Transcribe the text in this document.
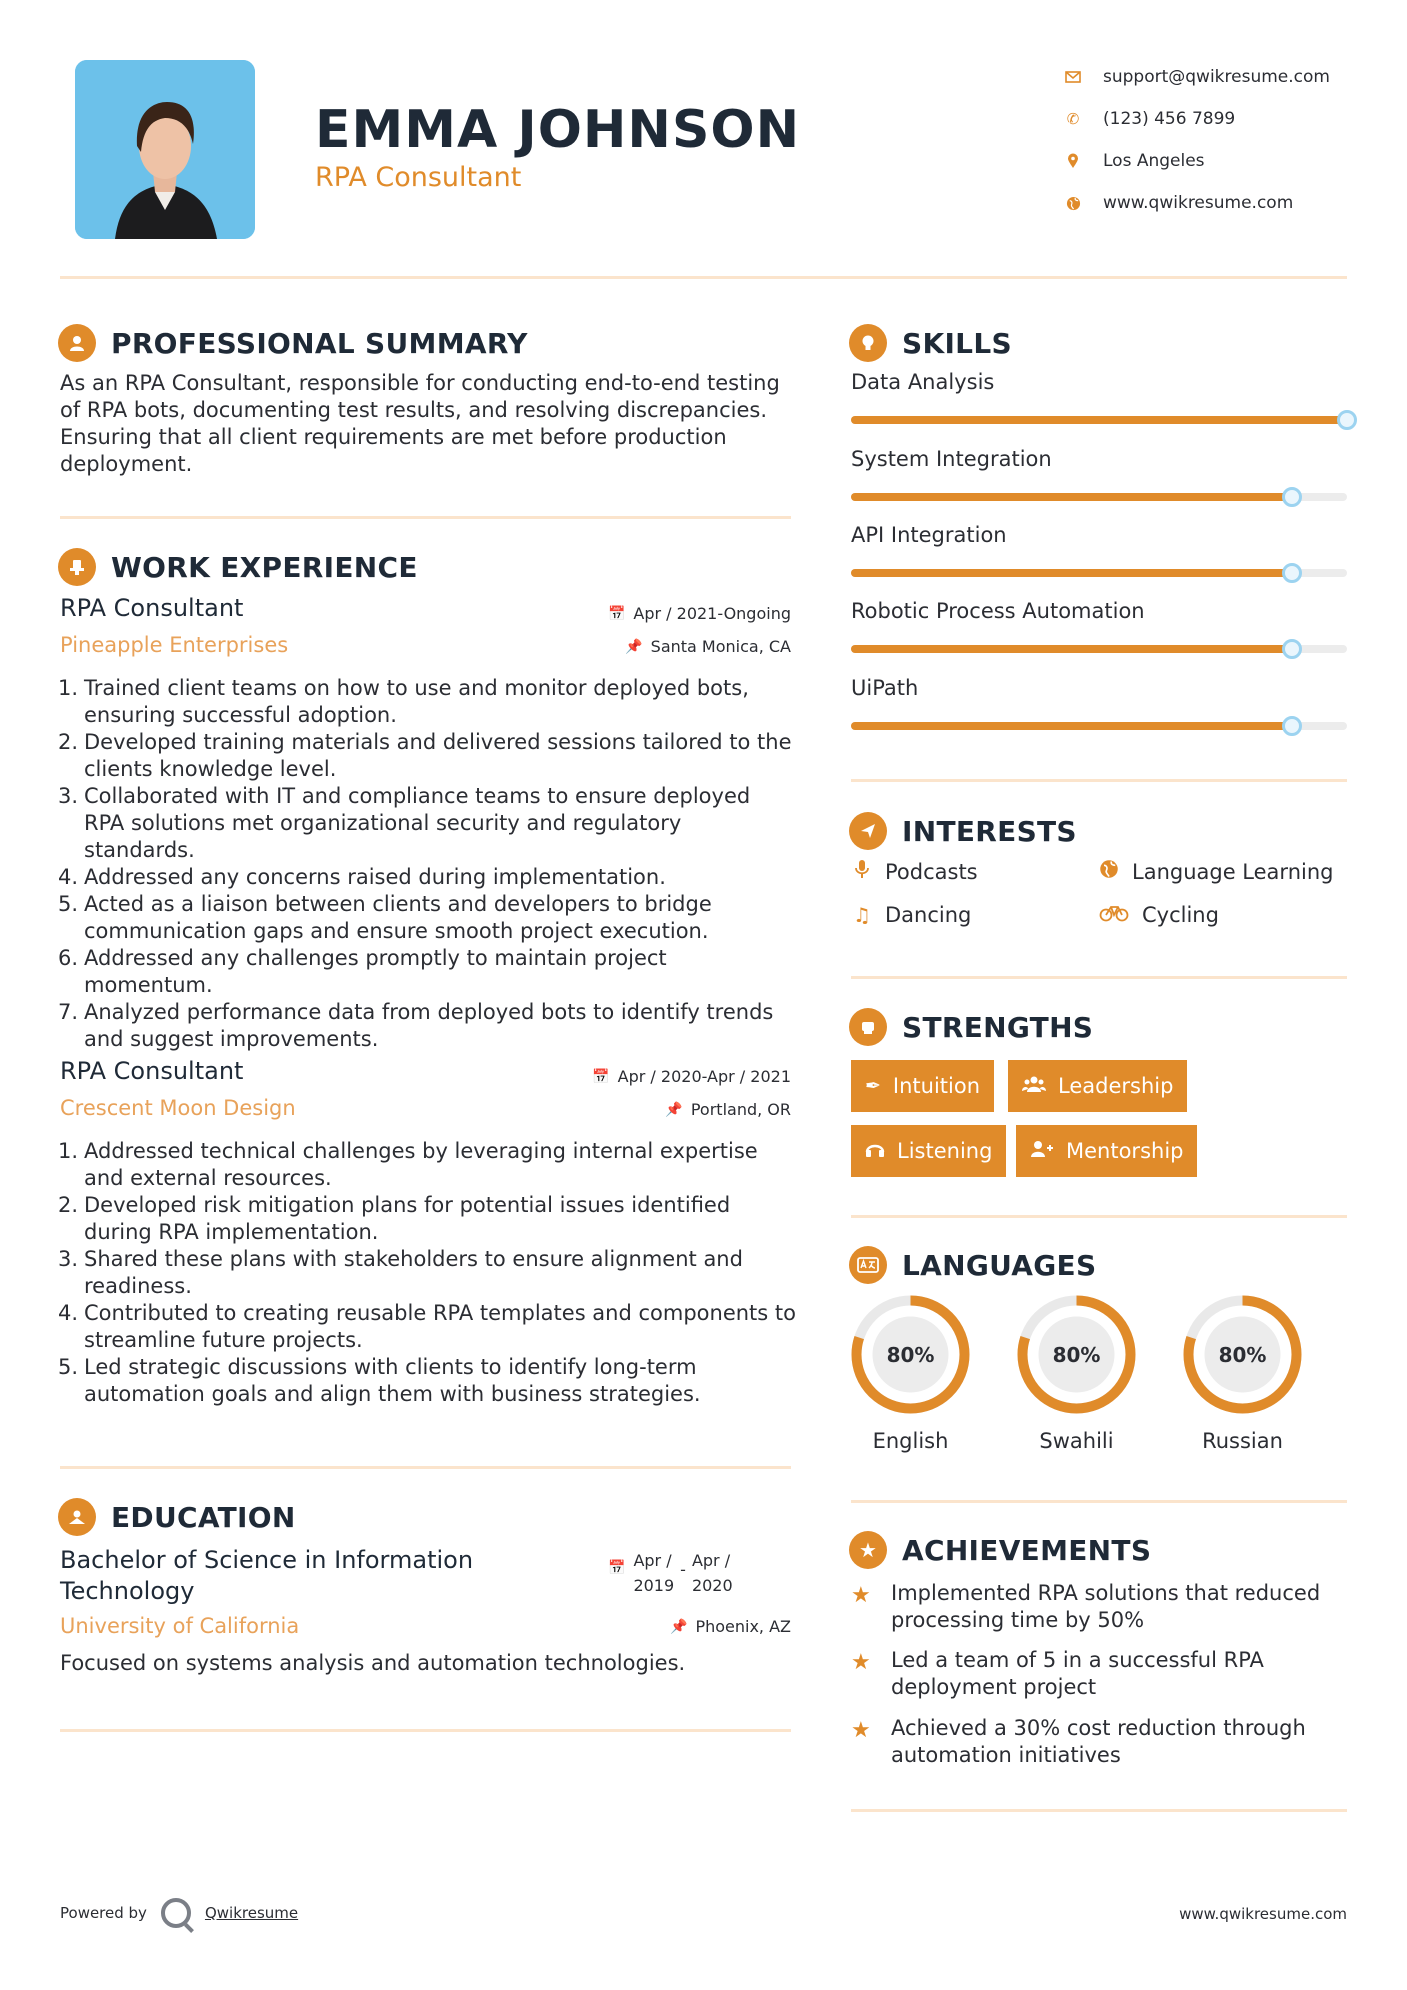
EMMA JOHNSON
RPA Consultant
support@qwikresume.com
✆	(123) 456 7899
Los Angeles
www.qwikresume.com
PROFESSIONAL SUMMARY
As an RPA Consultant, responsible for conducting end-to-end testing of RPA bots, documenting test results, and resolving discrepancies. Ensuring that all client requirements are met before production deployment.
WORK EXPERIENCE
RPA Consultant	📅 Apr / 2021-Ongoing
Pineapple Enterprises	📌 Santa Monica, CA
1. Trained client teams on how to use and monitor deployed bots, ensuring successful adoption.
2. Developed training materials and delivered sessions tailored to the clients knowledge level.
3. Collaborated with IT and compliance teams to ensure deployed RPA solutions met organizational security and regulatory standards.
4. Addressed any concerns raised during implementation.
5. Acted as a liaison between clients and developers to bridge communication gaps and ensure smooth project execution.
6. Addressed any challenges promptly to maintain project momentum.
7. Analyzed performance data from deployed bots to identify trends and suggest improvements.
RPA Consultant	📅 Apr / 2020-Apr / 2021
Crescent Moon Design	📌 Portland, OR
1. Addressed technical challenges by leveraging internal expertise and external resources.
2. Developed risk mitigation plans for potential issues identified during RPA implementation.
3. Shared these plans with stakeholders to ensure alignment and readiness.
4. Contributed to creating reusable RPA templates and components to streamline future projects.
5. Led strategic discussions with clients to identify long-term automation goals and align them with business strategies.
EDUCATION
Bachelor of Science in Information
Technology
📅 Apr /
2019
- Apr /
2020
University of California	📌 Phoenix, AZ
Focused on systems analysis and automation technologies.
SKILLS
Data Analysis
System Integration
API Integration
Robotic Process Automation
UiPath
INTERESTS
Podcasts	Language Learning
♫ Dancing	Cycling
STRENGTHS
✒ Intuition	Leadership
Listening	Mentorship
LANGUAGES
80%
English
80%
Swahili
80%
Russian
★ ACHIEVEMENTS
★ Implemented RPA solutions that reduced processing time by 50%
★ Led a team of 5 in a successful RPA deployment project
★ Achieved a 30% cost reduction through automation initiatives
Powered by	Qwikresume	www.qwikresume.com
